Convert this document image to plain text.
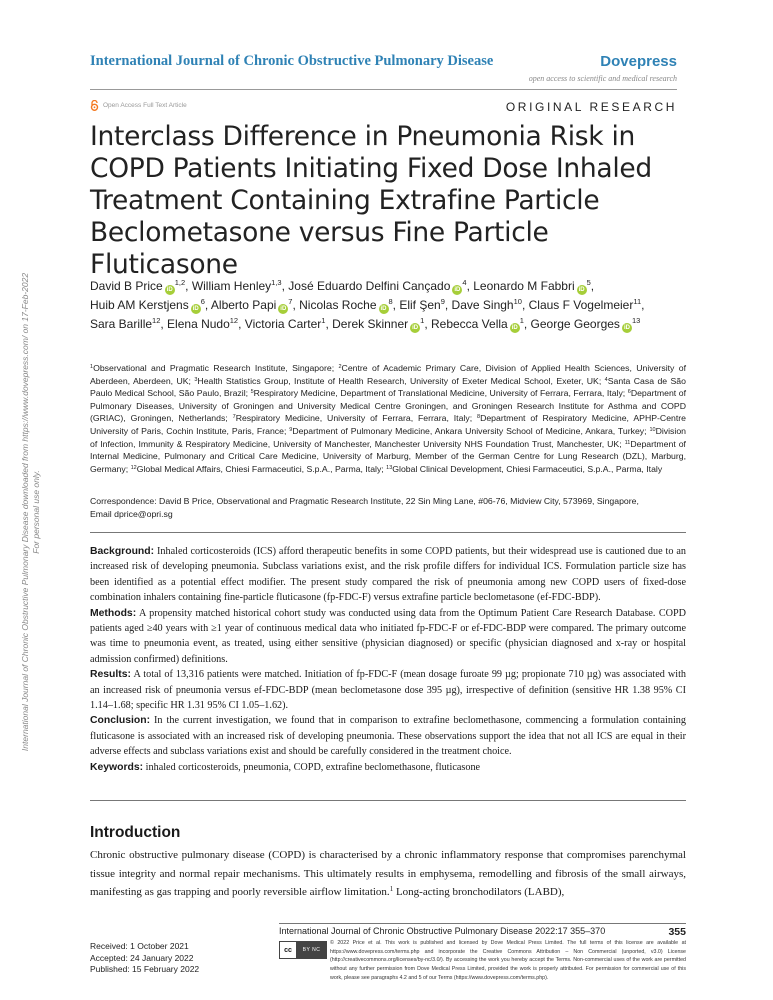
International Journal of Chronic Obstructive Pulmonary Disease	Dovepress
open access to scientific and medical research
Open Access Full Text Article	ORIGINAL RESEARCH
Interclass Difference in Pneumonia Risk in COPD Patients Initiating Fixed Dose Inhaled Treatment Containing Extrafine Particle Beclometasone versus Fine Particle Fluticasone
David B Price iD$^{1,2}$, William Henley$^{1,3}$, José Eduardo Delfini Cançado $iD^4$, Leonardo M Fabbri $iD^5$, Huib AM Kerstjens $iD^6$, Alberto Papi $iD^7$, Nicolas Roche $iD^8$, Elif Şen$^9$, Dave Singh$^{10}$, Claus F Vogelmeier$^{11}$, Sara Barille$^{12}$, Elena Nudo$^{12}$, Victoria Carter$^1$, Derek Skinner $iD^1$, Rebecca Vella $iD^1$, George Georges $iD^{13}$
$^1$Observational and Pragmatic Research Institute, Singapore; $^2$Centre of Academic Primary Care, Division of Applied Health Sciences, University of Aberdeen, Aberdeen, UK; $^3$Health Statistics Group, Institute of Health Research, University of Exeter Medical School, Exeter, UK; $^4$Santa Casa de São Paulo Medical School, São Paulo, Brazil; $^5$Respiratory Medicine, Department of Translational Medicine, University of Ferrara, Ferrara, Italy; $^6$Department of Pulmonary Diseases, University of Groningen and University Medical Centre Groningen, and Groningen Research Institute for Asthma and COPD (GRIAC), Groningen, Netherlands; $^7$Respiratory Medicine, University of Ferrara, Ferrara, Italy; $^8$Department of Respiratory Medicine, APHP-Centre University of Paris, Cochin Institute, Paris, France; $^9$Department of Pulmonary Medicine, Ankara University School of Medicine, Ankara, Turkey; $^{10}$Division of Infection, Immunity & Respiratory Medicine, University of Manchester, Manchester University NHS Foundation Trust, Manchester, UK; $^{11}$Department of Internal Medicine, Pulmonary and Critical Care Medicine, University of Marburg, Member of the German Centre for Lung Research (DZL), Marburg, Germany; $^{12}$Global Medical Affairs, Chiesi Farmaceutici, S.p.A., Parma, Italy; $^{13}$Global Clinical Development, Chiesi Farmaceutici, S.p.A., Parma, Italy
Correspondence: David B Price, Observational and Pragmatic Research Institute, 22 Sin Ming Lane, #06-76, Midview City, 573969, Singapore,
Email dprice@opri.sg

Background: Inhaled corticosteroids (ICS) afford therapeutic benefits in some COPD patients, but their widespread use is cautioned due to an increased risk of developing pneumonia. Subclass variations exist, and the risk profile differs for individual ICS. Formulation particle size has been identified as a potential effect modifier. The present study compared the risk of pneumonia among new COPD users of fixed-dose combination inhalers containing fine-particle fluticasone (fp-FDC-F) versus extrafine particle beclometasone (ef-FDC-BDP).

Methods: A propensity matched historical cohort study was conducted using data from the Optimum Patient Care Research Database. COPD patients aged ≥40 years with ≥1 year of continuous medical data who initiated fp-FDC-F or ef-FDC-BDP were compared. The primary outcome was time to pneumonia event, as treated, using either sensitive (physician diagnosed) or specific (physician diagnosed and x-ray or hospital admission confirmed) definitions.

Results: A total of 13,316 patients were matched. Initiation of fp-FDC-F (mean dosage furoate 99 µg; propionate 710 µg) was associated with an increased risk of pneumonia versus ef-FDC-BDP (mean beclometasone dose 395 µg), irrespective of definition (sensitive HR 1.38 95% CI 1.14–1.68; specific HR 1.31 95% CI 1.05–1.62).

Conclusion: In the current investigation, we found that in comparison to extrafine beclomethasone, commencing a formulation containing fluticasone is associated with an increased risk of developing pneumonia. These observations support the idea that not all ICS are equal in their adverse effects and subclass variations exist and should be carefully considered in the treatment choice.

Keywords: inhaled corticosteroids, pneumonia, COPD, extrafine beclomethasone, fluticasone

Introduction
Chronic obstructive pulmonary disease (COPD) is characterised by a chronic inflammatory response that compromises parenchymal tissue integrity and normal repair mechanisms. This ultimately results in emphysema, remodelling and fibrosis of the small airways, manifesting as gas trapping and poorly reversible airflow limitation.$^1$ Long-acting bronchodilators (LABD),
International Journal of Chronic Obstructive Pulmonary Disease downloaded from https://www.dovepress.com/ on 17-Feb-2022 For personal use only.
International Journal of Chronic Obstructive Pulmonary Disease 2022:17 355–370	355
Received: 1 October 2021
Accepted: 24 January 2022
Published: 15 February 2022
cc	BY NC
© 2022 Price et al. This work is published and licensed by Dove Medical Press Limited. The full terms of this license are available at https://www.dovepress.com/terms.php and incorporate the Creative Commons Attribution – Non Commercial (unported, v3.0) License (http://creativecommons.org/licenses/by-nc/3.0/). By accessing the work you hereby accept the Terms. Non-commercial uses of the work are permitted without any further permission from Dove Medical Press Limited, provided the work is properly attributed. For permission for commercial use of this work, please see paragraphs 4.2 and 5 of our Terms (https://www.dovepress.com/terms.php).
